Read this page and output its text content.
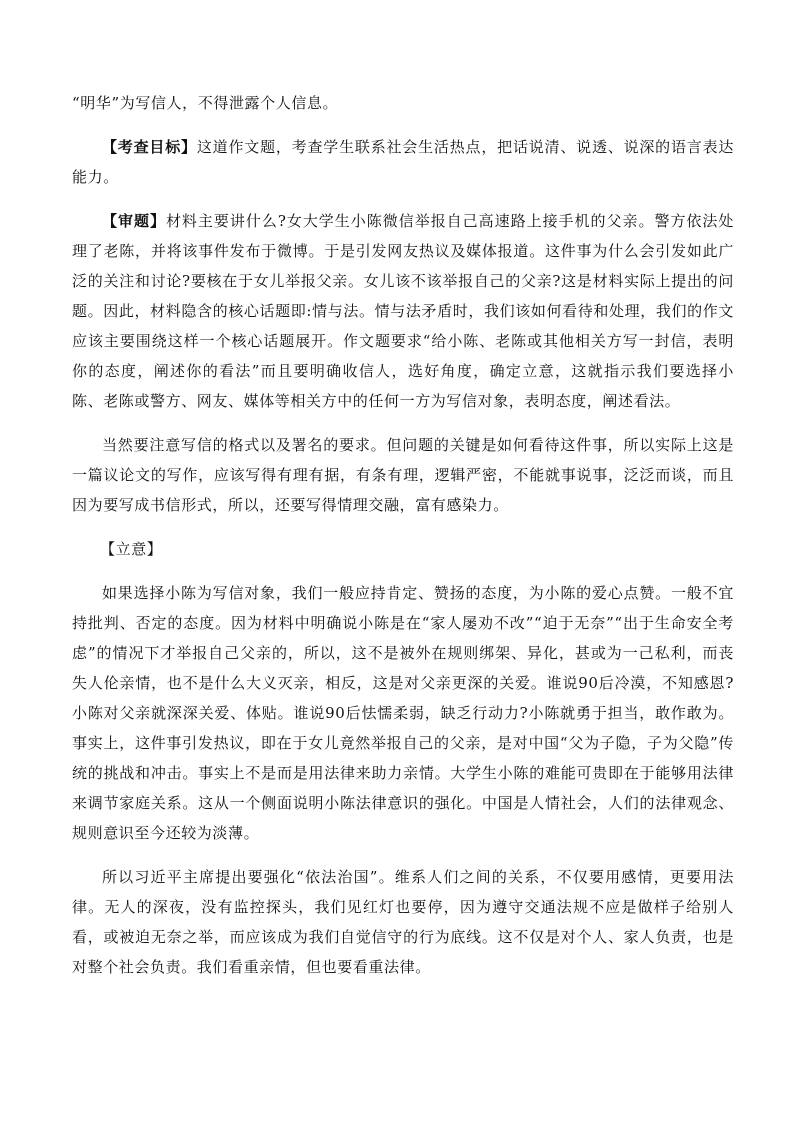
“明华”为写信人，不得泄露个人信息。

【考查目标】这道作文题，考查学生联系社会生活热点，把话说清、说透、说深的语言表达能力。

【审题】材料主要讲什么?女大学生小陈微信举报自己高速路上接手机的父亲。警方依法处理了老陈，并将该事件发布于微博。于是引发网友热议及媒体报道。这件事为什么会引发如此广泛的关注和讨论?要核在于女儿举报父亲。女儿该不该举报自己的父亲?这是材料实际上提出的问题。因此，材料隐含的核心话题即:情与法。情与法矛盾时，我们该如何看待和处理，我们的作文应该主要围绕这样一个核心话题展开。作文题要求“给小陈、老陈或其他相关方写一封信，表明你的态度，阐述你的看法”而且要明确收信人，选好角度，确定立意，这就指示我们要选择小陈、老陈或警方、网友、媒体等相关方中的任何一方为写信对象，表明态度，阐述看法。

当然要注意写信的格式以及署名的要求。但问题的关键是如何看待这件事，所以实际上这是一篇议论文的写作，应该写得有理有据，有条有理，逻辑严密，不能就事说事，泛泛而谈，而且因为要写成书信形式，所以，还要写得情理交融，富有感染力。

【立意】

如果选择小陈为写信对象，我们一般应持肯定、赞扬的态度，为小陈的爱心点赞。一般不宜持批判、否定的态度。因为材料中明确说小陈是在“家人屡劝不改”“迫于无奈”“出于生命安全考虑”的情况下才举报自己父亲的，所以，这不是被外在规则绑架、异化，甚或为一己私利，而丧失人伦亲情，也不是什么大义灭亲，相反，这是对父亲更深的关爱。谁说90后冷漠，不知感恩?小陈对父亲就深深关爱、体贴。谁说90后怯懦柔弱，缺乏行动力?小陈就勇于担当，敢作敢为。事实上，这件事引发热议，即在于女儿竟然举报自己的父亲，是对中国“父为子隐，子为父隐”传统的挑战和冲击。事实上不是而是用法律来助力亲情。大学生小陈的难能可贵即在于能够用法律来调节家庭关系。这从一个侧面说明小陈法律意识的强化。中国是人情社会，人们的法律观念、规则意识至今还较为淡薄。

所以习近平主席提出要强化“依法治国”。维系人们之间的关系，不仅要用感情，更要用法律。无人的深夜，没有监控探头，我们见红灯也要停，因为遵守交通法规不应是做样子给别人看，或被迫无奈之举，而应该成为我们自觉信守的行为底线。这不仅是对个人、家人负责，也是对整个社会负责。我们看重亲情，但也要看重法律。
